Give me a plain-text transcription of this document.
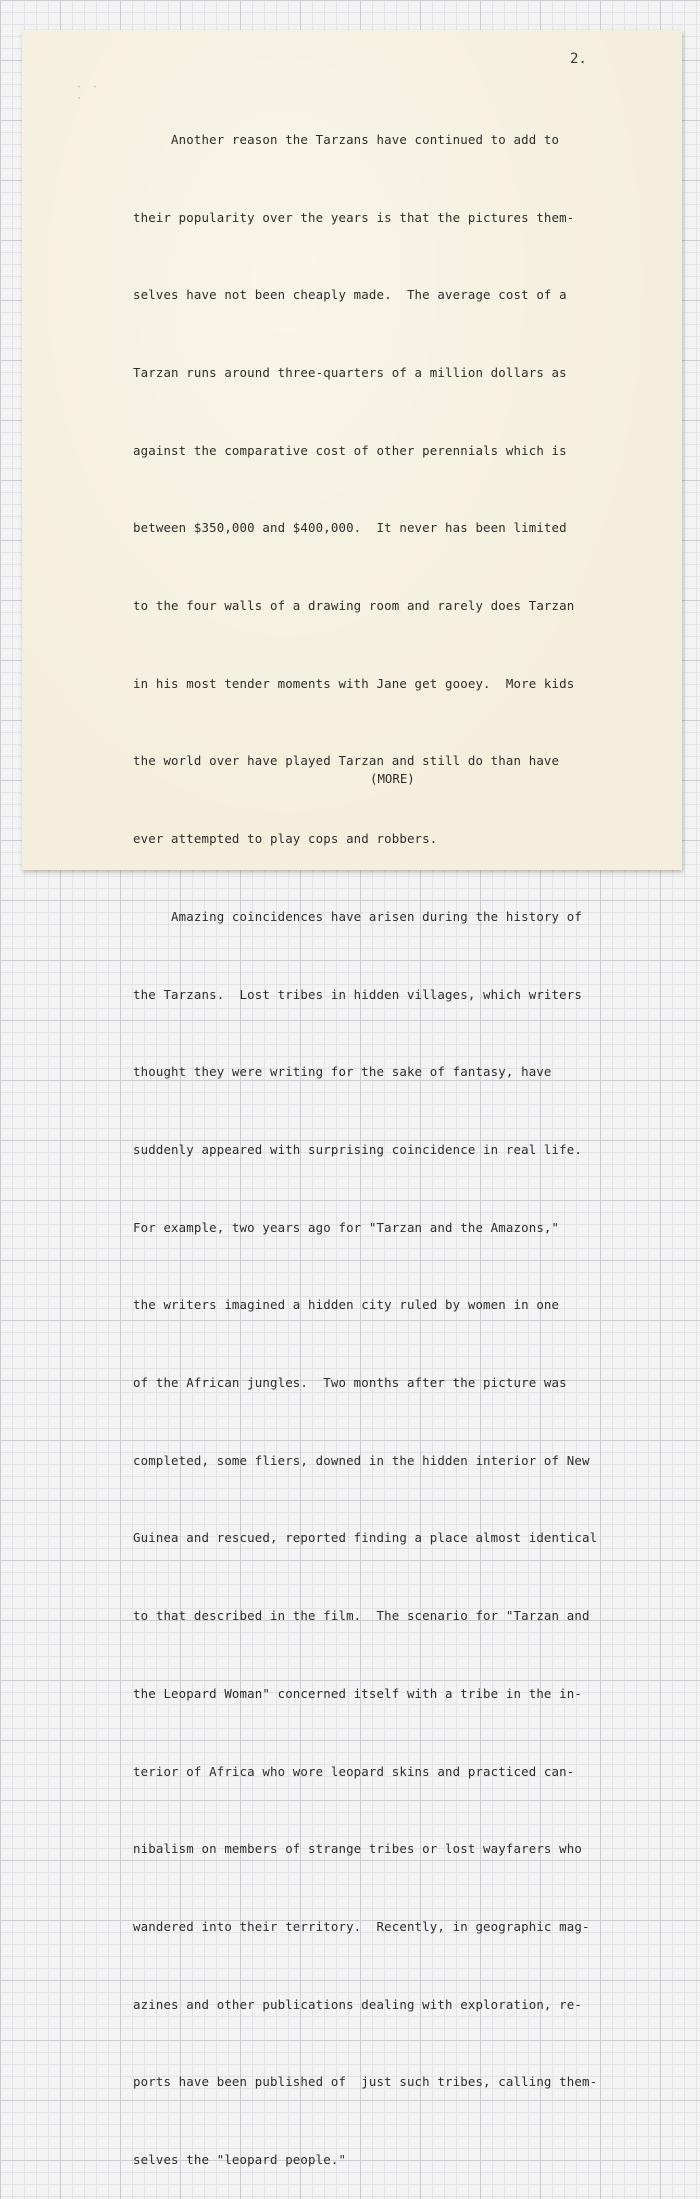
2.
· · ·

Another reason the Tarzans have continued to add to

their popularity over the years is that the pictures them-

selves have not been cheaply made.  The average cost of a

Tarzan runs around three-quarters of a million dollars as

against the comparative cost of other perennials which is

between $350,000 and $400,000.  It never has been limited

to the four walls of a drawing room and rarely does Tarzan

in his most tender moments with Jane get gooey.  More kids

the world over have played Tarzan and still do than have

ever attempted to play cops and robbers.

Amazing coincidences have arisen during the history of

the Tarzans.  Lost tribes in hidden villages, which writers

thought they were writing for the sake of fantasy, have

suddenly appeared with surprising coincidence in real life.

For example, two years ago for "Tarzan and the Amazons,"

the writers imagined a hidden city ruled by women in one

of the African jungles.  Two months after the picture was

completed, some fliers, downed in the hidden interior of New

Guinea and rescued, reported finding a place almost identical

to that described in the film.  The scenario for "Tarzan and

the Leopard Woman" concerned itself with a tribe in the in-

terior of Africa who wore leopard skins and practiced can-

nibalism on members of strange tribes or lost wayfarers who

wandered into their territory.  Recently, in geographic mag-

azines and other publications dealing with exploration, re-

ports have been published of  just such tribes, calling them-

selves the "leopard people."

(MORE)
